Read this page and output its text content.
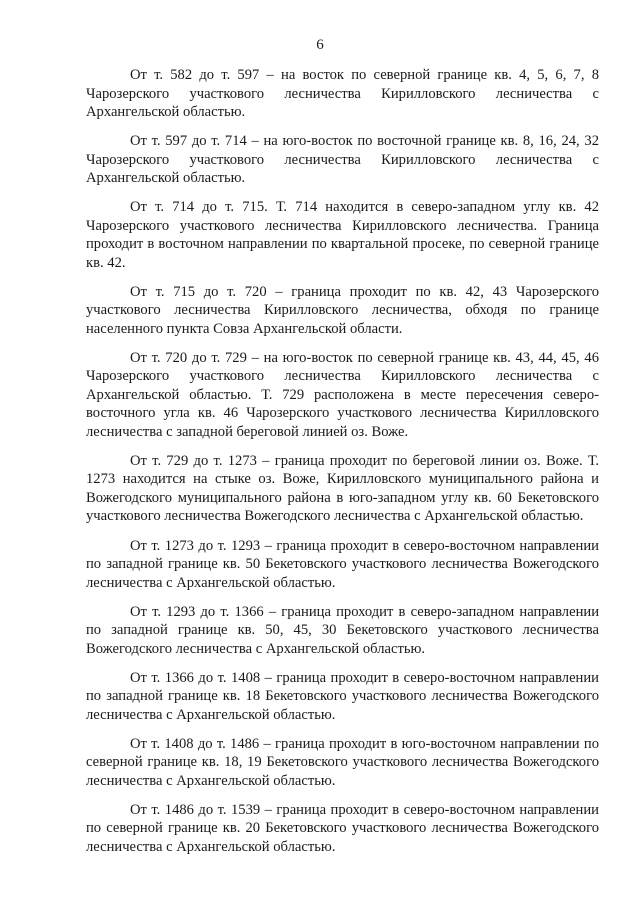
6

От т. 582 до т. 597 – на восток по северной границе кв. 4, 5, 6, 7, 8 Чарозерского участкового лесничества Кирилловского лесничества с Архангельской областью.

От т. 597 до т. 714 – на юго-восток по восточной границе кв. 8, 16, 24, 32 Чарозерского участкового лесничества Кирилловского лесничества с Архангельской областью.

От т. 714 до т. 715. Т. 714 находится в северо-западном углу кв. 42 Чарозерского участкового лесничества Кирилловского лесничества. Граница проходит в восточном направлении по квартальной просеке, по северной границе кв. 42.

От т. 715 до т. 720 – граница проходит по кв. 42, 43 Чарозерского участкового лесничества Кирилловского лесничества, обходя по границе населенного пункта Совза Архангельской области.

От т. 720 до т. 729 – на юго-восток по северной границе кв. 43, 44, 45, 46 Чарозерского участкового лесничества Кирилловского лесничества с Архангельской областью. Т. 729 расположена в месте пересечения северо-восточного угла кв. 46 Чарозерского участкового лесничества Кирилловского лесничества с западной береговой линией оз. Воже.

От т. 729 до т. 1273 – граница проходит по береговой линии оз. Воже. Т. 1273 находится на стыке оз. Воже, Кирилловского муниципального района и Вожегодского муниципального района в юго-западном углу кв. 60 Бекетовского участкового лесничества Вожегодского лесничества с Архангельской областью.

От т. 1273 до т. 1293 – граница проходит в северо-восточном направлении по западной границе кв. 50 Бекетовского участкового лесничества Вожегодского лесничества с Архангельской областью.

От т. 1293 до т. 1366 – граница проходит в северо-западном направлении по западной границе кв. 50, 45, 30 Бекетовского участкового лесничества Вожегодского лесничества с Архангельской областью.

От т. 1366 до т. 1408 – граница проходит в северо-восточном направлении по западной границе кв. 18 Бекетовского участкового лесничества Вожегодского лесничества с Архангельской областью.

От т. 1408 до т. 1486 – граница проходит в юго-восточном направлении по северной границе кв. 18, 19 Бекетовского участкового лесничества Вожегодского лесничества с Архангельской областью.

От т. 1486 до т. 1539 – граница проходит в северо-восточном направлении по северной границе кв. 20 Бекетовского участкового лесничества Вожегодского лесничества с Архангельской областью.
